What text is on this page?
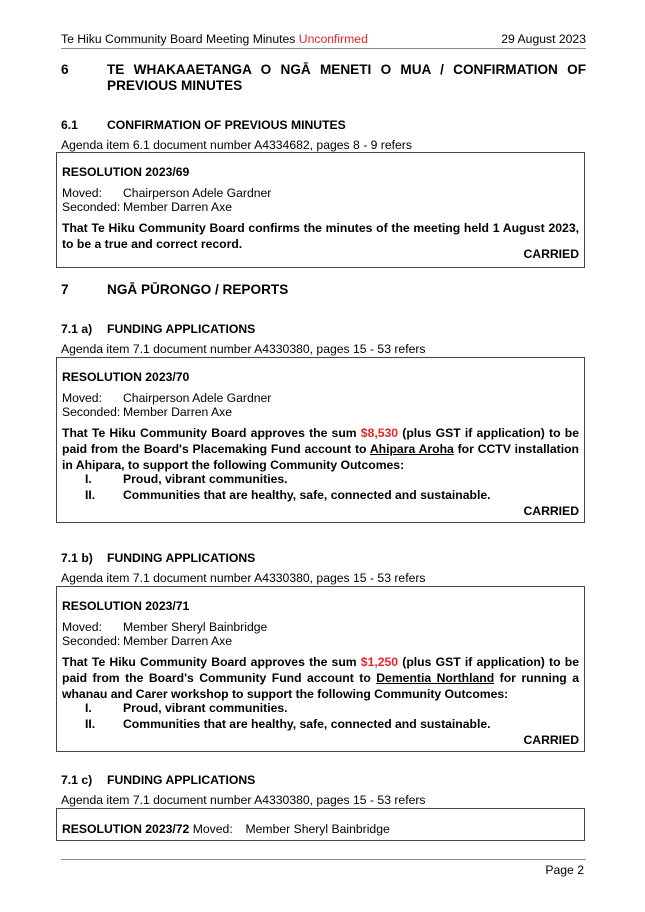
Te Hiku Community Board Meeting Minutes Unconfirmed	29 August 2023
6	TE WHAKAAETANGA O NGĀ MENETI O MUA / CONFIRMATION OF PREVIOUS MINUTES
6.1 CONFIRMATION OF PREVIOUS MINUTES
Agenda item 6.1 document number A4334682, pages 8 - 9 refers
RESOLUTION 2023/69
Moved: Chairperson Adele Gardner
Seconded: Member Darren Axe
That Te Hiku Community Board confirms the minutes of the meeting held 1 August 2023, to be a true and correct record.
CARRIED
7	NGĀ PŪRONGO / REPORTS
7.1 a) FUNDING APPLICATIONS
Agenda item 7.1 document number A4330380, pages 15 - 53 refers
RESOLUTION 2023/70
Moved: Chairperson Adele Gardner
Seconded: Member Darren Axe
That Te Hiku Community Board approves the sum $8,530 (plus GST if application) to be paid from the Board's Placemaking Fund account to Ahipara Aroha for CCTV installation in Ahipara, to support the following Community Outcomes:
I.	Proud, vibrant communities.
II. Communities that are healthy, safe, connected and sustainable.
CARRIED
7.1 b) FUNDING APPLICATIONS
Agenda item 7.1 document number A4330380, pages 15 - 53 refers
RESOLUTION 2023/71
Moved: Member Sheryl Bainbridge
Seconded: Member Darren Axe
That Te Hiku Community Board approves the sum $1,250 (plus GST if application) to be paid from the Board's Community Fund account to Dementia Northland for running a whanau and Carer workshop to support the following Community Outcomes:
I.	Proud, vibrant communities.
II. Communities that are healthy, safe, connected and sustainable.
CARRIED
7.1 c) FUNDING APPLICATIONS
Agenda item 7.1 document number A4330380, pages 15 - 53 refers
RESOLUTION 2023/72 Moved: Member Sheryl Bainbridge
Page 2
